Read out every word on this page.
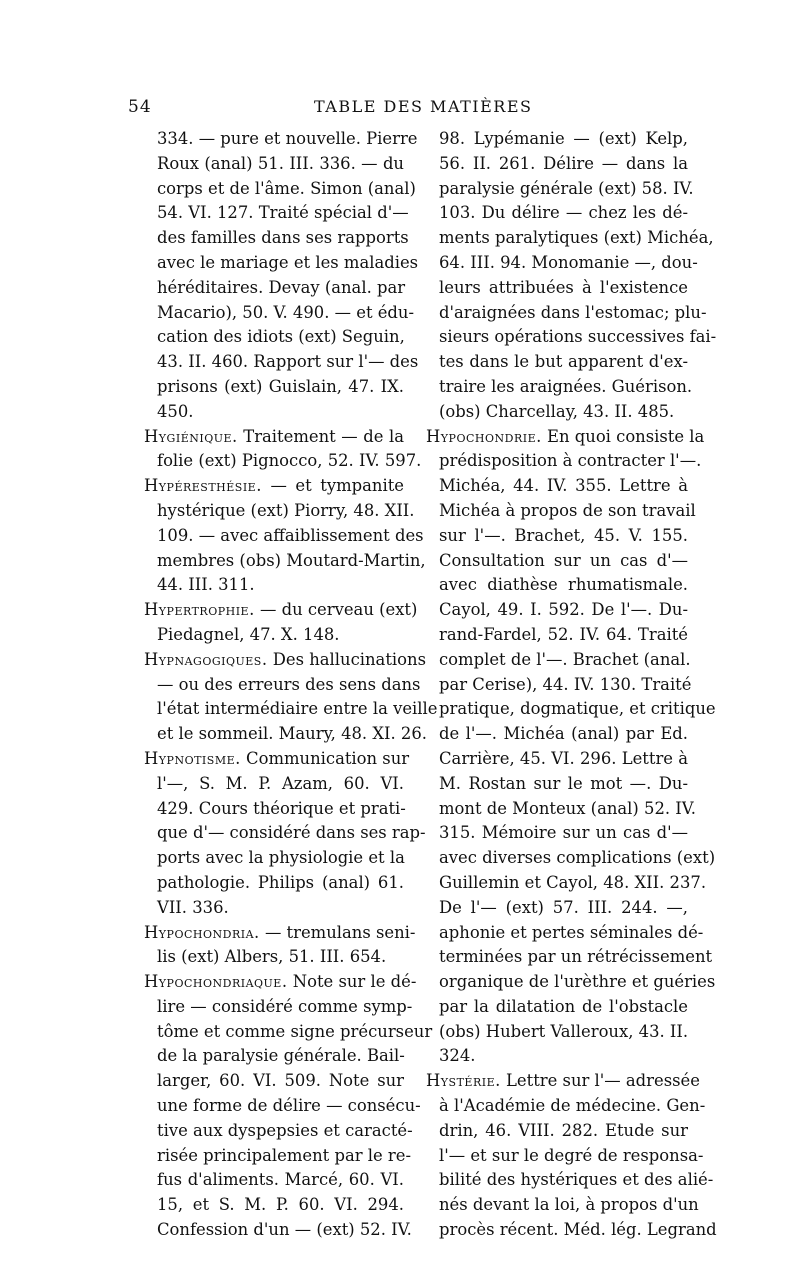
54	TABLE DES MATIÈRES
334. — pure et nouvelle. Pierre
Roux (anal) 51. III. 336. — du
corps et de l'âme. Simon (anal)
54. VI. 127. Traité spécial d'—
des familles dans ses rapports
avec le mariage et les maladies
héréditaires. Devay (anal. par
Macario), 50. V. 490. — et édu-
cation des idiots (ext) Seguin,
43. II. 460. Rapport sur l'— des
prisons (ext) Guislain, 47. IX.
450.
Hygiénique. Traitement — de la
folie (ext) Pignocco, 52. IV. 597.
Hypéresthésie. — et tympanite
hystérique (ext) Piorry, 48. XII.
109. — avec affaiblissement des
membres (obs) Moutard-Martin,
44. III. 311.
Hypertrophie. — du cerveau (ext)
Piedagnel, 47. X. 148.
Hypnagogiques. Des hallucinations
— ou des erreurs des sens dans
l'état intermédiaire entre la veille
et le sommeil. Maury, 48. XI. 26.
Hypnotisme. Communication sur
l'—, S. M. P. Azam, 60. VI.
429. Cours théorique et prati-
que d'— considéré dans ses rap-
ports avec la physiologie et la
pathologie. Philips (anal) 61.
VII. 336.
Hypochondria. — tremulans seni-
lis (ext) Albers, 51. III. 654.
Hypochondriaque. Note sur le dé-
lire — considéré comme symp-
tôme et comme signe précurseur
de la paralysie générale. Bail-
larger, 60. VI. 509. Note sur
une forme de délire — consécu-
tive aux dyspepsies et caracté-
risée principalement par le re-
fus d'aliments. Marcé, 60. VI.
15, et S. M. P. 60. VI. 294.
Confession d'un — (ext) 52. IV.
98. Lypémanie — (ext) Kelp,
56. II. 261. Délire — dans la
paralysie générale (ext) 58. IV.
103. Du délire — chez les dé-
ments paralytiques (ext) Michéa,
64. III. 94. Monomanie —, dou-
leurs attribuées à l'existence
d'araignées dans l'estomac; plu-
sieurs opérations successives fai-
tes dans le but apparent d'ex-
traire les araignées. Guérison.
(obs) Charcellay, 43. II. 485.
Hypochondrie. En quoi consiste la
prédisposition à contracter l'—.
Michéa, 44. IV. 355. Lettre à
Michéa à propos de son travail
sur l'—. Brachet, 45. V. 155.
Consultation sur un cas d'—
avec diathèse rhumatismale.
Cayol, 49. I. 592. De l'—. Du-
rand-Fardel, 52. IV. 64. Traité
complet de l'—. Brachet (anal.
par Cerise), 44. IV. 130. Traité
pratique, dogmatique, et critique
de l'—. Michéa (anal) par Ed.
Carrière, 45. VI. 296. Lettre à
M. Rostan sur le mot —. Du-
mont de Monteux (anal) 52. IV.
315. Mémoire sur un cas d'—
avec diverses complications (ext)
Guillemin et Cayol, 48. XII. 237.
De l'— (ext) 57. III. 244. —,
aphonie et pertes séminales dé-
terminées par un rétrécissement
organique de l'urèthre et guéries
par la dilatation de l'obstacle
(obs) Hubert Valleroux, 43. II.
324.
Hystérie. Lettre sur l'— adressée
à l'Académie de médecine. Gen-
drin, 46. VIII. 282. Etude sur
l'— et sur le degré de responsa-
bilité des hystériques et des alié-
nés devant la loi, à propos d'un
procès récent. Méd. lég. Legrand
